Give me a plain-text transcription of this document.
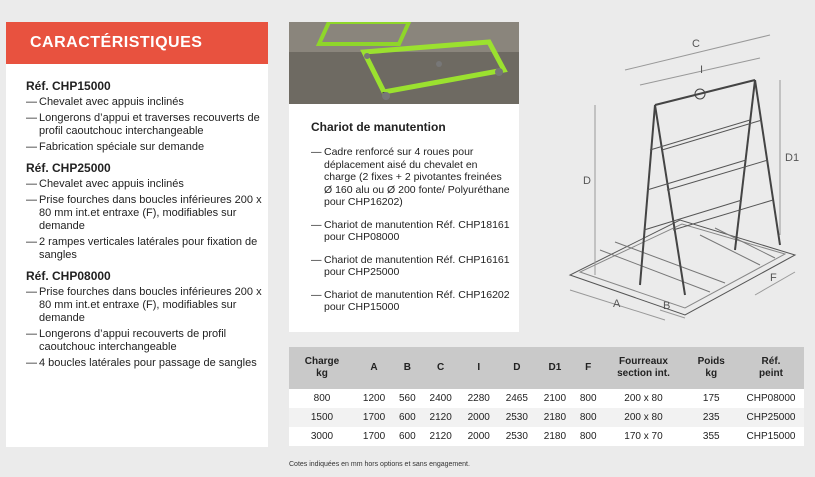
CARACTÉRISTIQUES
Réf. CHP15000
— Chevalet avec appuis inclinés
— Longerons d’appui et traverses recouverts de profil caoutchouc interchangeable
— Fabrication spéciale sur demande
Réf. CHP25000
— Chevalet avec appuis inclinés
— Prise fourches dans boucles inférieures 200 x 80 mm int.et entraxe (F), modifiables sur demande
— 2 rampes verticales latérales pour fixation de sangles
Réf. CHP08000
— Prise fourches dans boucles inférieures 200 x 80 mm int.et entraxe (F), modifiables sur demande
— Longerons d’appui recouverts de profil caoutchouc interchangeable
— 4 boucles latérales pour passage de sangles
Chariot de manutention
— Cadre renforcé sur 4 roues pour déplacement aisé du chevalet en charge (2 fixes + 2 pivotantes freinées Ø 160 alu ou Ø 200 fonte/ Polyuréthane pour CHP16202)
— Chariot de manutention Réf. CHP18161 pour CHP08000
— Chariot de manutention Réf. CHP16161 pour CHP25000
— Chariot de manutention Réf. CHP16202 pour CHP15000
C
I
D
D1
A	B
F
Charge
kg	A	B	C	I	D	D1	F	Fourreaux
section int.	Poids
kg	Réf.
peint
800	1200	560	2400	2280	2465	2100	800	200 x 80	175	CHP08000
1500	1700	600	2120	2000	2530	2180	800	200 x 80	235	CHP25000
3000	1700	600	2120	2000	2530	2180	800	170 x 70	355	CHP15000
Cotes indiquées en mm hors options et sans engagement.
